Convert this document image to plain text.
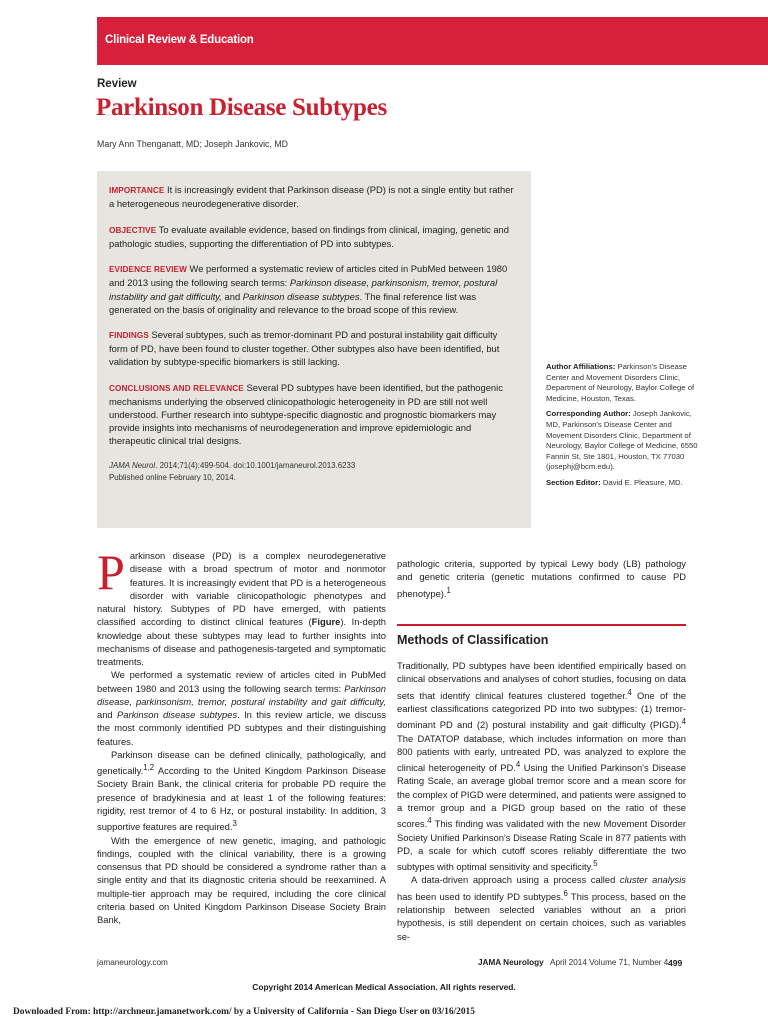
Clinical Review & Education
Review
Parkinson Disease Subtypes
Mary Ann Thenganatt, MD; Joseph Jankovic, MD

IMPORTANCE It is increasingly evident that Parkinson disease (PD) is not a single entity but rather a heterogeneous neurodegenerative disorder.

OBJECTIVE To evaluate available evidence, based on findings from clinical, imaging, genetic and pathologic studies, supporting the differentiation of PD into subtypes.

EVIDENCE REVIEW We performed a systematic review of articles cited in PubMed between 1980 and 2013 using the following search terms: Parkinson disease, parkinsonism, tremor, postural instability and gait difficulty, and Parkinson disease subtypes. The final reference list was generated on the basis of originality and relevance to the broad scope of this review.

FINDINGS Several subtypes, such as tremor-dominant PD and postural instability gait difficulty form of PD, have been found to cluster together. Other subtypes also have been identified, but validation by subtype-specific biomarkers is still lacking.

CONCLUSIONS AND RELEVANCE Several PD subtypes have been identified, but the pathogenic mechanisms underlying the observed clinicopathologic heterogeneity in PD are still not well understood. Further research into subtype-specific diagnostic and prognostic biomarkers may provide insights into mechanisms of neurodegeneration and improve epidemiologic and therapeutic clinical trial designs.

JAMA Neurol. 2014;71(4):499-504. doi:10.1001/jamaneurol.2013.6233
Published online February 10, 2014.

Author Affiliations: Parkinson's Disease Center and Movement Disorders Clinic, Department of Neurology, Baylor College of Medicine, Houston, Texas.

Corresponding Author: Joseph Jankovic, MD, Parkinson's Disease Center and Movement Disorders Clinic, Department of Neurology, Baylor College of Medicine, 6550 Fannin St, Ste 1801, Houston, TX 77030 (josephj@bcm.edu).

Section Editor: David E. Pleasure, MD.

Parkinson disease (PD) is a complex neurodegenerative disease with a broad spectrum of motor and nonmotor features. It is increasingly evident that PD is a heterogeneous disorder with variable clinicopathologic phenotypes and natural history. Subtypes of PD have emerged, with patients classified according to distinct clinical features (Figure). In-depth knowledge about these subtypes may lead to further insights into mechanisms of disease and pathogenesis-targeted and symptomatic treatments.

We performed a systematic review of articles cited in PubMed between 1980 and 2013 using the following search terms: Parkinson disease, parkinsonism, tremor, postural instability and gait difficulty, and Parkinson disease subtypes. In this review article, we discuss the most commonly identified PD subtypes and their distinguishing features.

Parkinson disease can be defined clinically, pathologically, and genetically.$^{1,2}$ According to the United Kingdom Parkinson Disease Society Brain Bank, the clinical criteria for probable PD require the presence of bradykinesia and at least 1 of the following features: rigidity, rest tremor of 4 to 6 Hz, or postural instability. In addition, 3 supportive features are required.$^3$

With the emergence of new genetic, imaging, and pathologic findings, coupled with the clinical variability, there is a growing consensus that PD should be considered a syndrome rather than a single entity and that its diagnostic criteria should be reexamined. A multiple-tier approach may be required, including the core clinical criteria based on United Kingdom Parkinson Disease Society Brain Bank,

pathologic criteria, supported by typical Lewy body (LB) pathology and genetic criteria (genetic mutations confirmed to cause PD phenotype).$^1$

Methods of Classification

Traditionally, PD subtypes have been identified empirically based on clinical observations and analyses of cohort studies, focusing on data sets that identify clinical features clustered together.$^4$ One of the earliest classifications categorized PD into two subtypes: (1) tremor-dominant PD and (2) postural instability and gait difficulty (PIGD).$^4$ The DATATOP database, which includes information on more than 800 patients with early, untreated PD, was analyzed to explore the clinical heterogeneity of PD.$^4$ Using the Unified Parkinson's Disease Rating Scale, an average global tremor score and a mean score for the complex of PIGD were determined, and patients were assigned to a tremor group and a PIGD group based on the ratio of these scores.$^4$ This finding was validated with the new Movement Disorder Society Unified Parkinson's Disease Rating Scale in 877 patients with PD, a scale for which cutoff scores reliably differentiate the two subtypes with optimal sensitivity and specificity.$^5$

A data-driven approach using a process called cluster analysis has been used to identify PD subtypes.$^6$ This process, based on the relationship between selected variables without an a priori hypothesis, is still dependent on certain choices, such as variables se-

jamaneurology.com	JAMA Neurology April 2014 Volume 71, Number 4 499
Copyright 2014 American Medical Association. All rights reserved.
Downloaded From: http://archneur.jamanetwork.com/ by a University of California - San Diego User on 03/16/2015
